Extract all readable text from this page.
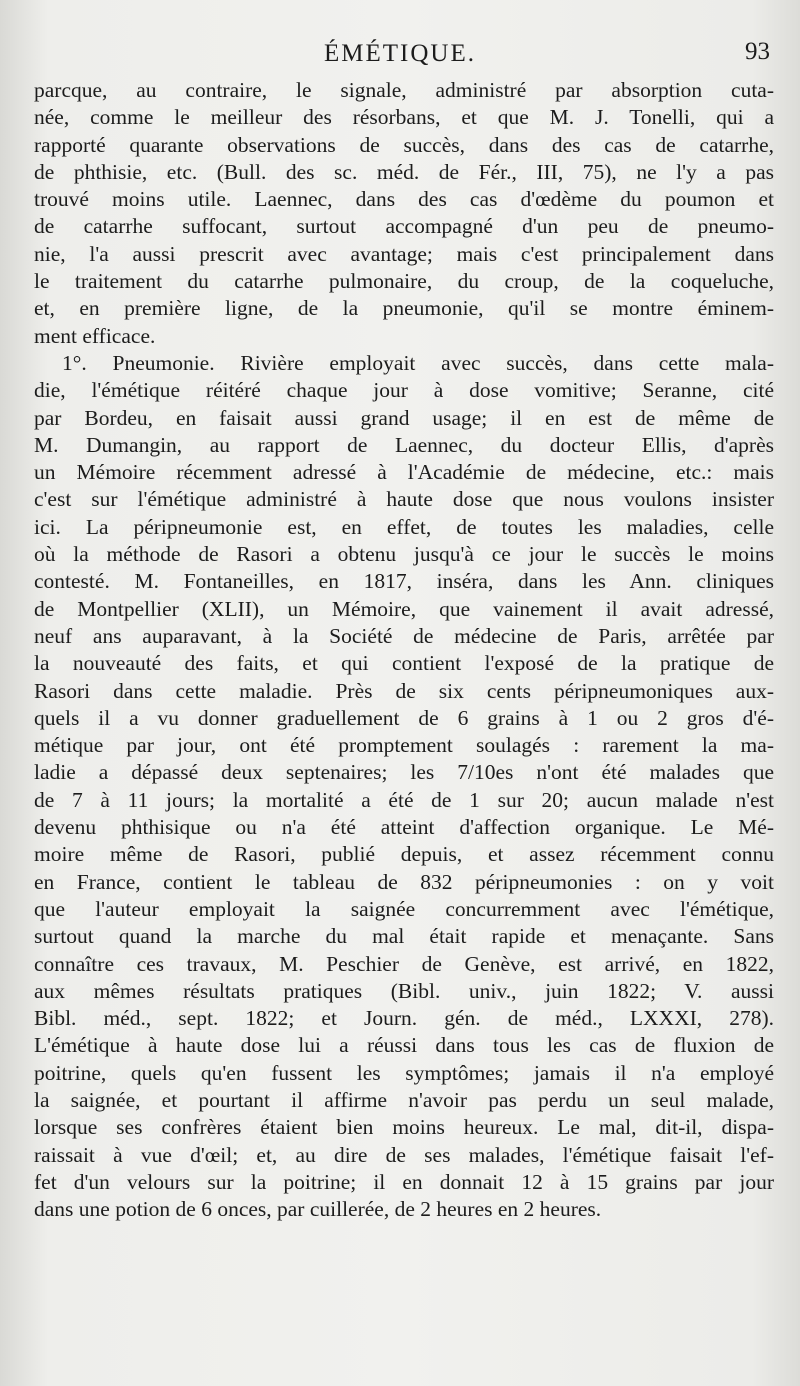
ÉMÉTIQUE.	93
parcque, au contraire, le signale, administré par absorption cuta-
née, comme le meilleur des résorbans, et que M. J. Tonelli, qui a
rapporté quarante observations de succès, dans des cas de catarrhe,
de phthisie, etc. (Bull. des sc. méd. de Fér., III, 75), ne l'y a pas
trouvé moins utile. Laennec, dans des cas d'œdème du poumon et
de catarrhe suffocant, surtout accompagné d'un peu de pneumo-
nie, l'a aussi prescrit avec avantage; mais c'est principalement dans
le traitement du catarrhe pulmonaire, du croup, de la coqueluche,
et, en première ligne, de la pneumonie, qu'il se montre éminem-
ment efficace.
1°. Pneumonie. Rivière employait avec succès, dans cette mala-
die, l'émétique réitéré chaque jour à dose vomitive; Seranne, cité
par Bordeu, en faisait aussi grand usage; il en est de même de
M. Dumangin, au rapport de Laennec, du docteur Ellis, d'après
un Mémoire récemment adressé à l'Académie de médecine, etc.: mais
c'est sur l'émétique administré à haute dose que nous voulons insister
ici. La péripneumonie est, en effet, de toutes les maladies, celle
où la méthode de Rasori a obtenu jusqu'à ce jour le succès le moins
contesté. M. Fontaneilles, en 1817, inséra, dans les Ann. cliniques
de Montpellier (XLII), un Mémoire, que vainement il avait adressé,
neuf ans auparavant, à la Société de médecine de Paris, arrêtée par
la nouveauté des faits, et qui contient l'exposé de la pratique de
Rasori dans cette maladie. Près de six cents péripneumoniques aux-
quels il a vu donner graduellement de 6 grains à 1 ou 2 gros d'é-
métique par jour, ont été promptement soulagés : rarement la ma-
ladie a dépassé deux septenaires; les 7/10es n'ont été malades que
de 7 à 11 jours; la mortalité a été de 1 sur 20; aucun malade n'est
devenu phthisique ou n'a été atteint d'affection organique. Le Mé-
moire même de Rasori, publié depuis, et assez récemment connu
en France, contient le tableau de 832 péripneumonies : on y voit
que l'auteur employait la saignée concurremment avec l'émétique,
surtout quand la marche du mal était rapide et menaçante. Sans
connaître ces travaux, M. Peschier de Genève, est arrivé, en 1822,
aux mêmes résultats pratiques (Bibl. univ., juin 1822; V. aussi
Bibl. méd., sept. 1822; et Journ. gén. de méd., LXXXI, 278).
L'émétique à haute dose lui a réussi dans tous les cas de fluxion de
poitrine, quels qu'en fussent les symptômes; jamais il n'a employé
la saignée, et pourtant il affirme n'avoir pas perdu un seul malade,
lorsque ses confrères étaient bien moins heureux. Le mal, dit-il, dispa-
raissait à vue d'œil; et, au dire de ses malades, l'émétique faisait l'ef-
fet d'un velours sur la poitrine; il en donnait 12 à 15 grains par jour
dans une potion de 6 onces, par cuillerée, de 2 heures en 2 heures.
